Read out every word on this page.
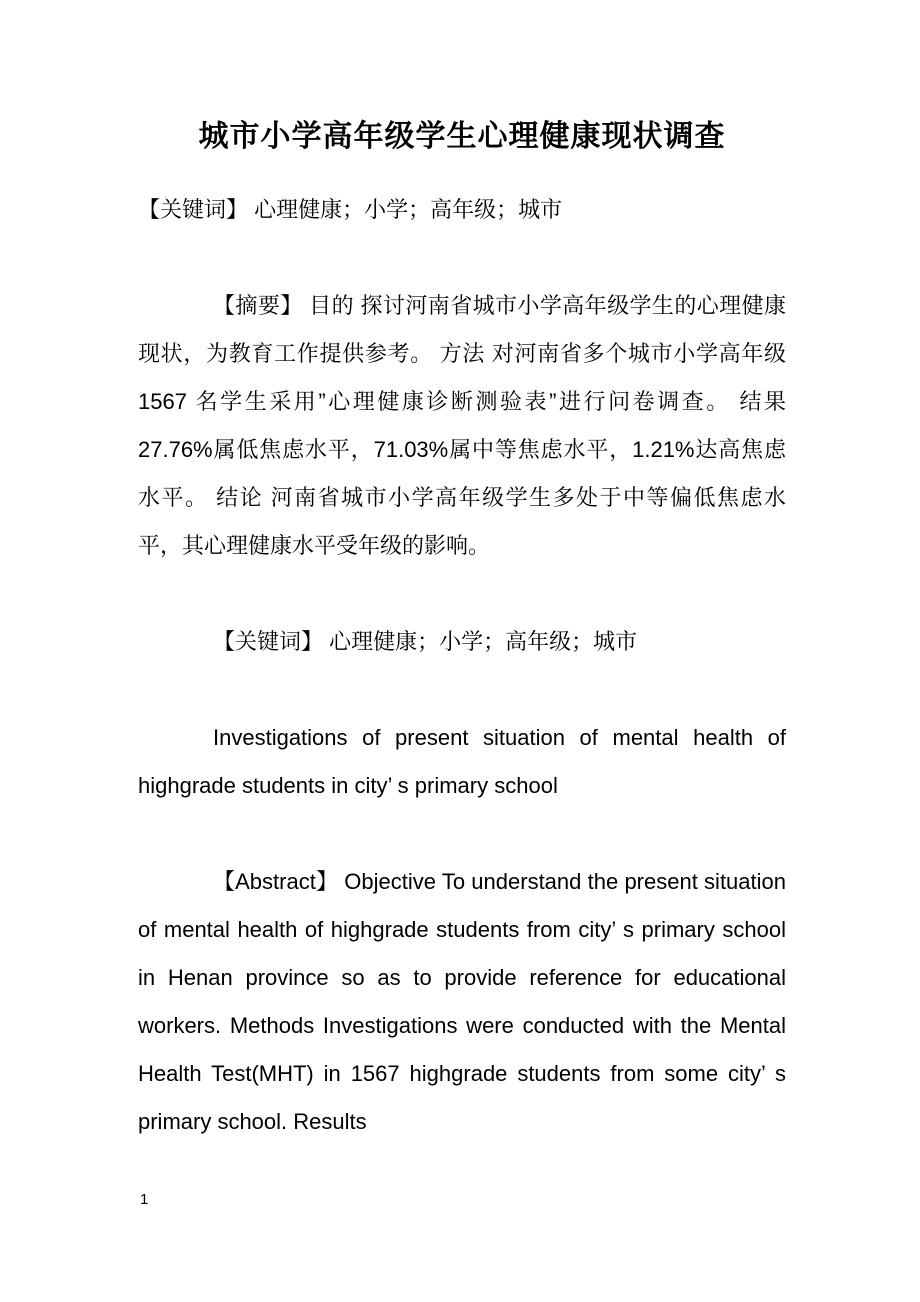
城市小学高年级学生心理健康现状调查

【关键词】 心理健康；小学；高年级；城市

【摘要】 目的 探讨河南省城市小学高年级学生的心理健康现状，为教育工作提供参考。 方法 对河南省多个城市小学高年级 1567 名学生采用”心理健康诊断测验表”进行问卷调查。 结果 27.76%属低焦虑水平，71.03%属中等焦虑水平，1.21%达高焦虑水平。 结论 河南省城市小学高年级学生多处于中等偏低焦虑水平，其心理健康水平受年级的影响。

【关键词】 心理健康；小学；高年级；城市

Investigations of present situation of mental health of highgrade students in city’ s primary school

【Abstract】 Objective To understand the present situation of mental health of highgrade students from city’ s primary school in Henan province so as to provide reference for educational workers. Methods Investigations were conducted with the Mental Health Test(MHT) in 1567 highgrade students from some city’ s primary school. Results

1
